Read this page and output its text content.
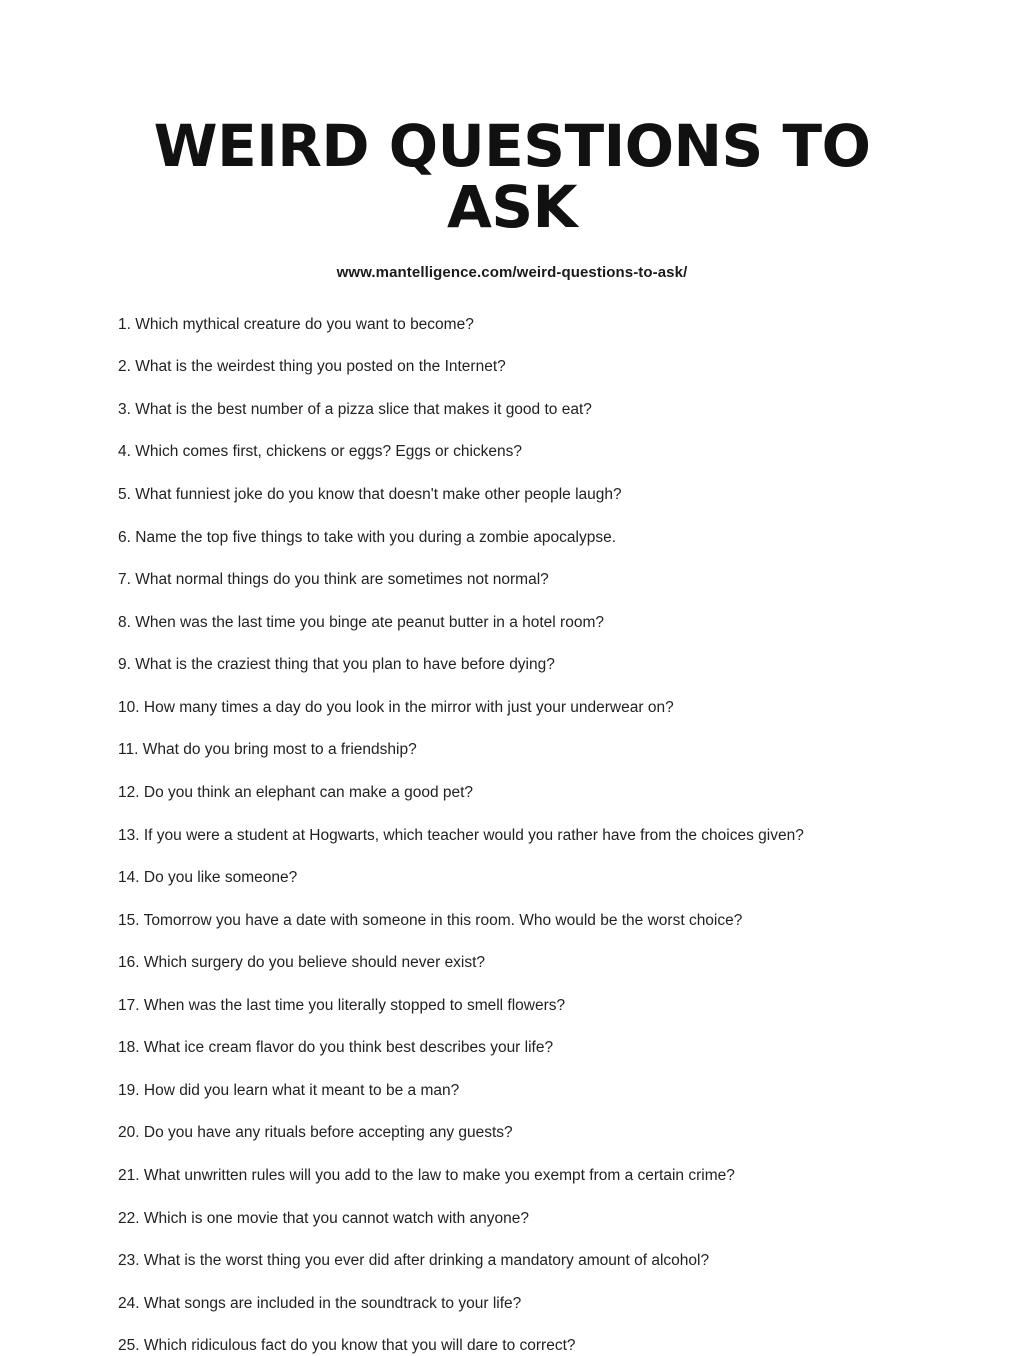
WEIRD QUESTIONS TO ASK
www.mantelligence.com/weird-questions-to-ask/
1. Which mythical creature do you want to become?
2. What is the weirdest thing you posted on the Internet?
3. What is the best number of a pizza slice that makes it good to eat?
4. Which comes first, chickens or eggs? Eggs or chickens?
5. What funniest joke do you know that doesn't make other people laugh?
6. Name the top five things to take with you during a zombie apocalypse.
7. What normal things do you think are sometimes not normal?
8. When was the last time you binge ate peanut butter in a hotel room?
9. What is the craziest thing that you plan to have before dying?
10. How many times a day do you look in the mirror with just your underwear on?
11. What do you bring most to a friendship?
12. Do you think an elephant can make a good pet?
13. If you were a student at Hogwarts, which teacher would you rather have from the choices given?
14. Do you like someone?
15. Tomorrow you have a date with someone in this room. Who would be the worst choice?
16. Which surgery do you believe should never exist?
17. When was the last time you literally stopped to smell flowers?
18. What ice cream flavor do you think best describes your life?
19. How did you learn what it meant to be a man?
20. Do you have any rituals before accepting any guests?
21. What unwritten rules will you add to the law to make you exempt from a certain crime?
22. Which is one movie that you cannot watch with anyone?
23. What is the worst thing you ever did after drinking a mandatory amount of alcohol?
24. What songs are included in the soundtrack to your life?
25. Which ridiculous fact do you know that you will dare to correct?
